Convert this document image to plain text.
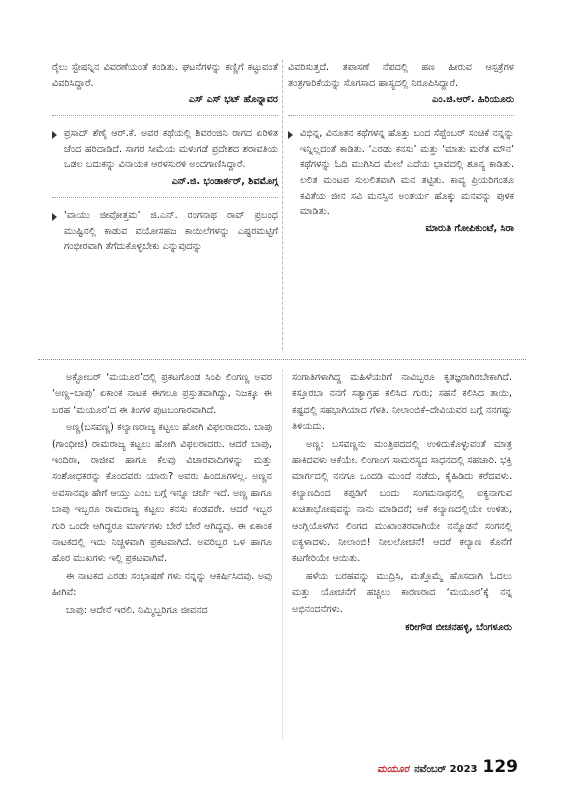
ರೈಲು ಸ್ಟೇಷನ್ನಿನ ವಿವರಣೆಯಂತೆ ಕಂಡಿತು. ಘಟನೆಗಳನ್ನು ಕಣ್ಣಿಗೆ ಕಟ್ಟುವಂತೆ ವಿವರಿಸಿದ್ದಾರೆ.
ಎಸ್ ಎಸ್ ಭಟ್ ಹೊನ್ನಾವರ
ಪ್ರಸಾದ್ ಶೆಣೈ ಆರ್.ಕೆ. ಅವರ ಕಥೆಯಲ್ಲಿ ಶಿವರಂಜಿನಿ ರಾಗದ ಏರಿಳಿತ ಚೆಂದ ಹರಿದಾಡಿದೆ. ಸಾಗರ ಸೀಮೆಯ ಮಳುಗಡೆ ಪ್ರದೇಶದ ಶರಾವತಿಯ ಒಡಲ ಬದುಕನ್ನು ವಿನಾಯಕ ಆರಳಸುರಳಿ ಅಂದಗಾಣಿಸಿದ್ದಾರೆ.
ಎನ್.ಜಿ. ಭಂಡಾರ್ಕರ್, ಶಿವಮೊಗ್ಗ
‘ವಾಯು ಜೀವೋತ್ತಮ’ ಜಿ.ಎನ್. ರಂಗನಾಥ ರಾವ್ ಪ್ರಬಂಧ ಮುಷ್ಟಿನಲ್ಲಿ ಕಾಡುವ ವಯೋಸಹಜ ಕಾಯಿಲೆಗಳನ್ನು ಎಷ್ಟರಮಟ್ಟಿಗೆ ಗಂಭೀರವಾಗಿ ತೆಗೆದುಕೊಳ್ಳಬೇಕು ಎನ್ನುವುದನ್ನು
ವಿವರಿಸುತ್ತದೆ. ತಪಾಸಣೆ ನೆಪದಲ್ಲಿ ಹಣ ಹೀರುವ ಆಸ್ಪತ್ರೆಗಳ ತಂತ್ರಗಾರಿಕೆಯನ್ನು ಸೊಗಸಾದ ಹಾಸ್ಯದಲ್ಲಿ ನಿರೂಪಿಸಿದ್ದಾರೆ.
ಎಂ.ಜಿ.ಆರ್. ಹಿರಿಯೂರು
ವಿಭಿನ್ನ, ವಿನೂತನ ಕಥೆಗಳನ್ನ ಹೊತ್ತು ಬಂದ ಸೆಪ್ಟೆಂಬರ್ ಸಂಚಿಕೆ ನನ್ನನ್ನು ಇನ್ನಿಲ್ಲದಂತೆ ಕಾಡಿತು. ‘ಎರಡು ಕನಸು’ ಮತ್ತು ‘ಮಾತು ಮರೆತ ಮೌನ’ ಕಥೆಗಳನ್ನು ಓದಿ ಮುಗಿಸಿದ ಮೇಲೆ ಎದೆಯ ಭಾವದಲ್ಲಿ ಶೂನ್ಯ ಕಾಡಿತು. ಲಲಿತ ಮಂಟಪ ಸುಲಲಿತವಾಗಿ ಮನ ತಟ್ಟಿತು. ಕಾವ್ಯ ಪ್ರಿಯರಿಗಂತೂ ಕವಿತೆಯ ಜೀನ ಸವಿ ಮನಸ್ಸಿನ ಅಂತರ್ಯ ಹೊಕ್ಕು ಮನವನ್ನು ಪುಳಕ ಮಾಡಿತು.
ಮಾರುತಿ ಗೋಪಿಕುಂಟೆ, ಸಿರಾ

ಅಕ್ಟೋಬರ್ ‘ಮಯೂರ’ದಲ್ಲಿ ಪ್ರಕಟಗೊಂಡ ಸಿಂಪಿ ಲಿಂಗಣ್ಣ ಅವರ ‘ಅಣ್ಣ–ಬಾಪು’ ಏಕಾಂಕ ನಾಟಕ ಈಗಲೂ ಪ್ರಸ್ತುತವಾಗಿದ್ದು, ನಿಜಕ್ಕೂ ಈ ಬರಹ ‘ಮಯೂರ’ದ ಈ ತಿಂಗಳ ಪುಟಬಂಗಾರವಾಗಿದೆ.

ಅಣ್ಣ(ಬಸವಣ್ಣ) ಕಲ್ಯಾಣರಾಜ್ಯ ಕಟ್ಟಲು ಹೋಗಿ ವಿಫಲರಾದರು. ಬಾಪು (ಗಾಂಧೀಜಿ) ರಾಮರಾಜ್ಯ ಕಟ್ಟಲು ಹೋಗಿ ವಿಫಲರಾದರು. ಆದರೆ ಬಾಪು, ಇಂದಿರಾ, ರಾಜೀವ ಹಾಗೂ ಕೆಲವು ವಿಚಾರವಾದಿಗಳನ್ನು ಮತ್ತು ಸಂಶೋಧಕರನ್ನು ಕೊಂದವರು ಯಾರು? ಅವರು ಹಿಂದೂಗಳಲ್ಲ. ಅಣ್ಣನ ಅವಸಾನವೂ ಹೇಗೆ ಆಯ್ತು ಎಂಬ ಬಗ್ಗೆ ಇನ್ನೂ ಚರ್ಚೆ ಇದೆ. ಅಣ್ಣ ಹಾಗೂ ಬಾಪು ಇಬ್ಬರೂ ರಾಮರಾಜ್ಯ ಕಟ್ಟಲು ಕನಸು ಕಂಡವರೇ. ಆದರೆ ಇಬ್ಬರ ಗುರಿ ಒಂದೇ ಆಗಿದ್ದರೂ ಮಾರ್ಗಗಳು ಬೇರೆ ಬೇರೆ ಆಗಿದ್ದವು. ಈ ಏಕಾಂಕ ನಾಟಕದಲ್ಲಿ ಇದು ನಿಚ್ಚಳವಾಗಿ ಪ್ರಕಟವಾಗಿದೆ. ಅವರಿಬ್ಬರ ಒಳ ಹಾಗೂ ಹೊರ ಮುಖಗಳು ಇಲ್ಲಿ ಪ್ರಕಟವಾಗಿವೆ.

ಈ ನಾಟಕದ ಎರಡು ಸಂಭಾಷಣೆ ಗಳು ನನ್ನನ್ನು ಆಕರ್ಷಿಸಿದವು. ಅವು ಹೀಗಿವೆ:

ಬಾಪು: ಆದೇನೆ ಇರಲಿ. ನಿಮ್ಮಿಬ್ಬರಿಗೂ ಜೀವನದ

ಸಂಗಾತಿಗಳಾಗಿದ್ದ ಮಹಿಳೆಯರಿಗೆ ನಾವಿಬ್ಬರೂ ಕೃತಜ್ಞರಾಗಿರಬೇಕಾಗಿದೆ. ಕಸ್ತೂರಬಾ ನನಗೆ ಸತ್ಯಾಗ್ರಹ ಕಲಿಸಿದ ಗುರು; ಸಹನೆ ಕಲಿಸಿದ ತಾಯಿ, ಕಷ್ಟದಲ್ಲಿ ಸಹಭಾಗಿಯಾದ ಗೆಳತಿ. ನೀಲಾಂಬಿಕೆ–ದೇವಿಯವರ ಬಗ್ಗೆ ನನಗಷ್ಟು ತಿಳಿಯದು.

ಅಣ್ಣ: ಬಸವಣ್ಣನು ಮಂತ್ರಿಪದದಲ್ಲಿ ಉಳಿದುಕೊಳ್ಳುವಂತೆ ಮಾತ್ರ ಹಾಕಿದವಳು ಆಕೆಯೇ. ಲಿಂಗಾಂಗ ಸಾಮರಸ್ಯದ ಸಾಧನದಲ್ಲಿ ಸಹಚಾರಿ. ಭಕ್ತಿ ಮಾರ್ಗದಲ್ಲಿ ನನಗೂ ಒಂದಡಿ ಮುಂದೆ ನಡೆದು, ಕೈಹಿಡಿದು ಕರೆದವಳು. ಕಲ್ಯಾಣದಿಂದ ಕಪ್ಪಡಿಗೆ ಬಂದು ಸಂಗಮನಾಥನಲ್ಲಿ ಐಕ್ಯನಾಗುವ ಖಚಿತಾಭೋಷವನ್ನು ನಾನು ಮಾಡಿದರೆ; ಆಕೆ ಕಲ್ಯಾಣದಲ್ಲಿಯೇ ಉಳಿತು, ಆಂಗ್ಲಿಯೊಳಗಿನ ಲಿಂಗದ ಮುಖಾಂತರವಾಗಿಯೇ ನನ್ನೊಡನೆ ಸಂಗನಲ್ಲಿ ಐಕ್ಯಳಾದಳು. ನೀಲಾಂಬಿ! ನೀಲಲೋಚನೆ! ಆದರೆ ಕಲ್ಯಾಣ ಕೊನೆಗೆ ಕಟಗೇರಿಯೇ ಆಯಿತು.

ಹಳೆಯ ಬರಹವನ್ನು ಮುದ್ರಿಸಿ, ಮತ್ತೊಮ್ಮೆ ಹೊಸದಾಗಿ ಓದಲು ಮತ್ತು ಯೋಚನೆಗೆ ಹಚ್ಚಲು ಕಾರಣರಾದ ‘ಮಯೂರ’ಕ್ಕೆ ನನ್ನ ಅಭಿನಂದನೆಗಳು.

ಕರೀಗೌಡ ಬೀಚನಹಳ್ಳಿ, ಬೆಂಗಳೂರು
ಮಯೂರ ನವೆಂಬರ್ 2023 129
